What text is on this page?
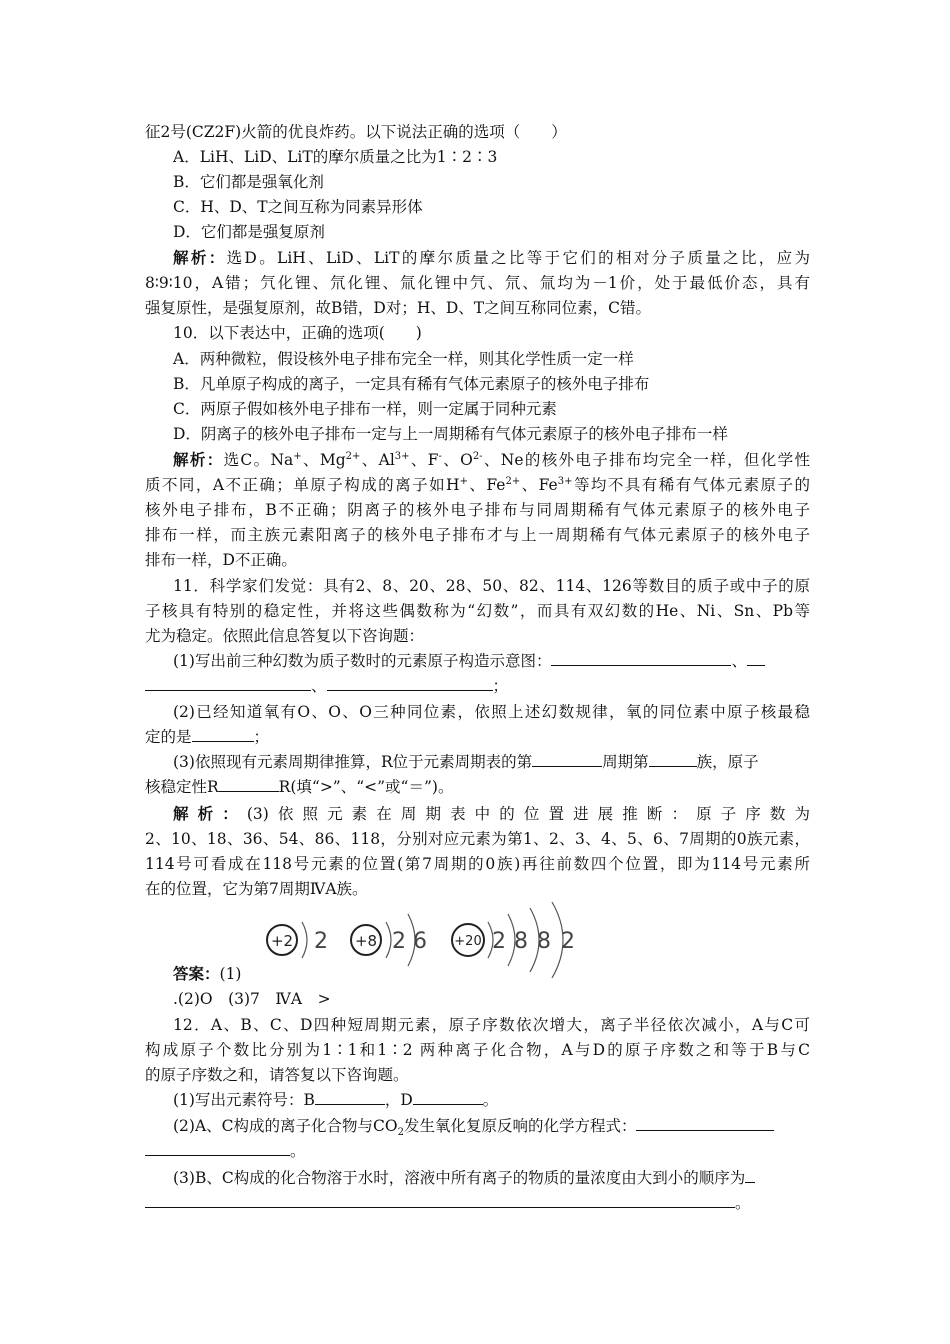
征2号(CZ2F)火箭的优良炸药。以下说法正确的选项（　　）
A．LiH、LiD、LiT的摩尔质量之比为1∶2∶3
B．它们都是强氧化剂
C．H、D、T之间互称为同素异形体
D．它们都是强复原剂
解析：选D。LiH、LiD、LiT的摩尔质量之比等于它们的相对分子质量之比，应为
8∶9∶10，A错；氕化锂、氘化锂、氚化锂中氕、氘、氚均为－1价，处于最低价态，具有
强复原性，是强复原剂，故B错，D对；H、D、T之间互称同位素，C错。
10．以下表达中，正确的选项(　　)
A．两种微粒，假设核外电子排布完全一样，则其化学性质一定一样
B．凡单原子构成的离子，一定具有稀有气体元素原子的核外电子排布
C．两原子假如核外电子排布一样，则一定属于同种元素
D．阴离子的核外电子排布一定与上一周期稀有气体元素原子的核外电子排布一样
解析：选C。Na+、$Mg^{2+}$、$Al^{3+}$、F-、$O^{2-}$、Ne的核外电子排布均完全一样，但化学性
质不同，A不正确；单原子构成的离子如H+、$Fe^{2+}$、$Fe^{3+}$等均不具有稀有气体元素原子的
核外电子排布，B不正确；阴离子的核外电子排布与同周期稀有气体元素原子的核外电子
排布一样，而主族元素阳离子的核外电子排布才与上一周期稀有气体元素原子的核外电子
排布一样，D不正确。
11．科学家们发觉：具有2、8、20、28、50、82、114、126等数目的质子或中子的原
子核具有特别的稳定性，并将这些偶数称为“幻数”，而具有双幻数的He、Ni、Sn、Pb等
尤为稳定。依照此信息答复以下咨询题：
(1)写出前三种幻数为质子数时的元素原子构造示意图：	、
、	；
(2)已经知道氧有O、O、O三种同位素，依照上述幻数规律，氧的同位素中原子核最稳
定的是	；
(3)依照现有元素周期律推算，R位于元素周期表的第	周期第	族，原子
核稳定性R	R(填“>”、“<”或“＝”)。
解析：(3)依照元素在周期表中的位置进展推断：原子序数为
2、10、18、36、54、86、118，分别对应元素为第1、2、3、4、5、6、7周期的0族元素，
114号可看成在118号元素的位置(第7周期的0族)再往前数四个位置，即为114号元素所
在的位置，它为第7周期ⅣA族。
+2 2 +8 2 6 +20 2 8 8 2
答案：(1)
.(2)O　(3)7　ⅣA　>
12．A、B、C、D四种短周期元素，原子序数依次增大，离子半径依次减小，A与C可
构成原子个数比分别为1∶1和1∶2 两种离子化合物，A与D的原子序数之和等于B与C
的原子序数之和，请答复以下咨询题。
(1)写出元素符号：B	，D	。
(2)A、C构成的离子化合物与$CO_2$发生氧化复原反响的化学方程式：
。
(3)B、C构成的化合物溶于水时，溶液中所有离子的物质的量浓度由大到小的顺序为
。
